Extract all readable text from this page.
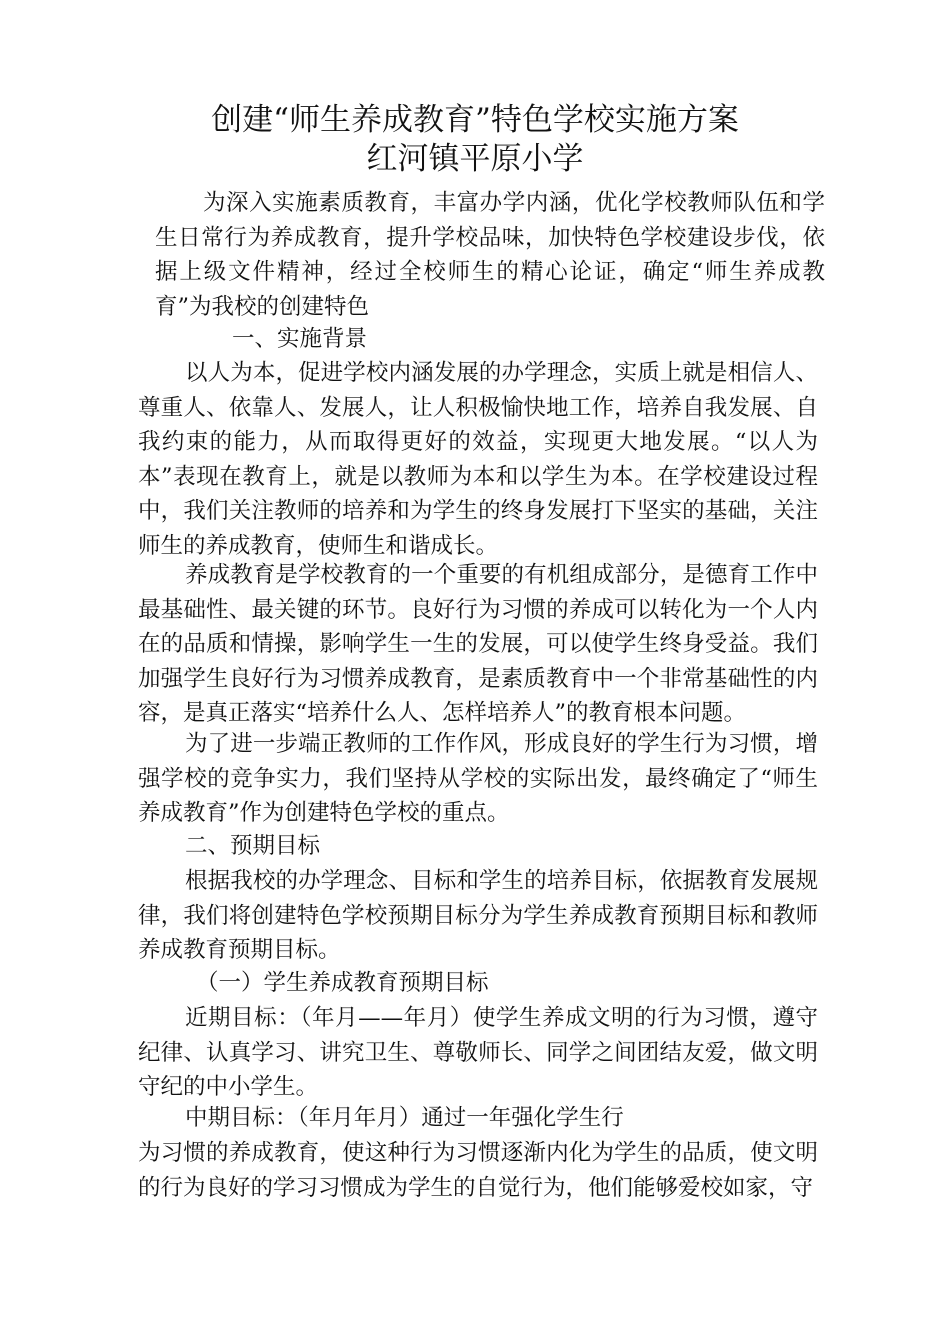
创建“师生养成教育”特色学校实施方案
红河镇平原小学
为深入实施素质教育，丰富办学内涵，优化学校教师队伍和学生日常行为养成教育，提升学校品味，加快特色学校建设步伐，依据上级文件精神，经过全校师生的精心论证，确定“师生养成教育”为我校的创建特色
一、实施背景
以人为本，促进学校内涵发展的办学理念，实质上就是相信人、尊重人、依靠人、发展人，让人积极愉快地工作，培养自我发展、自我约束的能力，从而取得更好的效益，实现更大地发展。“以人为本”表现在教育上，就是以教师为本和以学生为本。在学校建设过程中，我们关注教师的培养和为学生的终身发展打下坚实的基础，关注师生的养成教育，使师生和谐成长。
养成教育是学校教育的一个重要的有机组成部分，是德育工作中最基础性、最关键的环节。良好行为习惯的养成可以转化为一个人内在的品质和情操，影响学生一生的发展，可以使学生终身受益。我们加强学生良好行为习惯养成教育，是素质教育中一个非常基础性的内容，是真正落实“培养什么人、怎样培养人”的教育根本问题。
为了进一步端正教师的工作作风，形成良好的学生行为习惯，增强学校的竞争实力，我们坚持从学校的实际出发，最终确定了“师生养成教育”作为创建特色学校的重点。
二、预期目标
根据我校的办学理念、目标和学生的培养目标，依据教育发展规律，我们将创建特色学校预期目标分为学生养成教育预期目标和教师养成教育预期目标。
（一）学生养成教育预期目标
近期目标：（年月——年月）使学生养成文明的行为习惯，遵守纪律、认真学习、讲究卫生、尊敬师长、同学之间团结友爱，做文明守纪的中小学生。
中期目标：（年月年月）通过一年强化学生行
为习惯的养成教育，使这种行为习惯逐渐内化为学生的品质，使文明的行为良好的学习习惯成为学生的自觉行为，他们能够爱校如家，守
